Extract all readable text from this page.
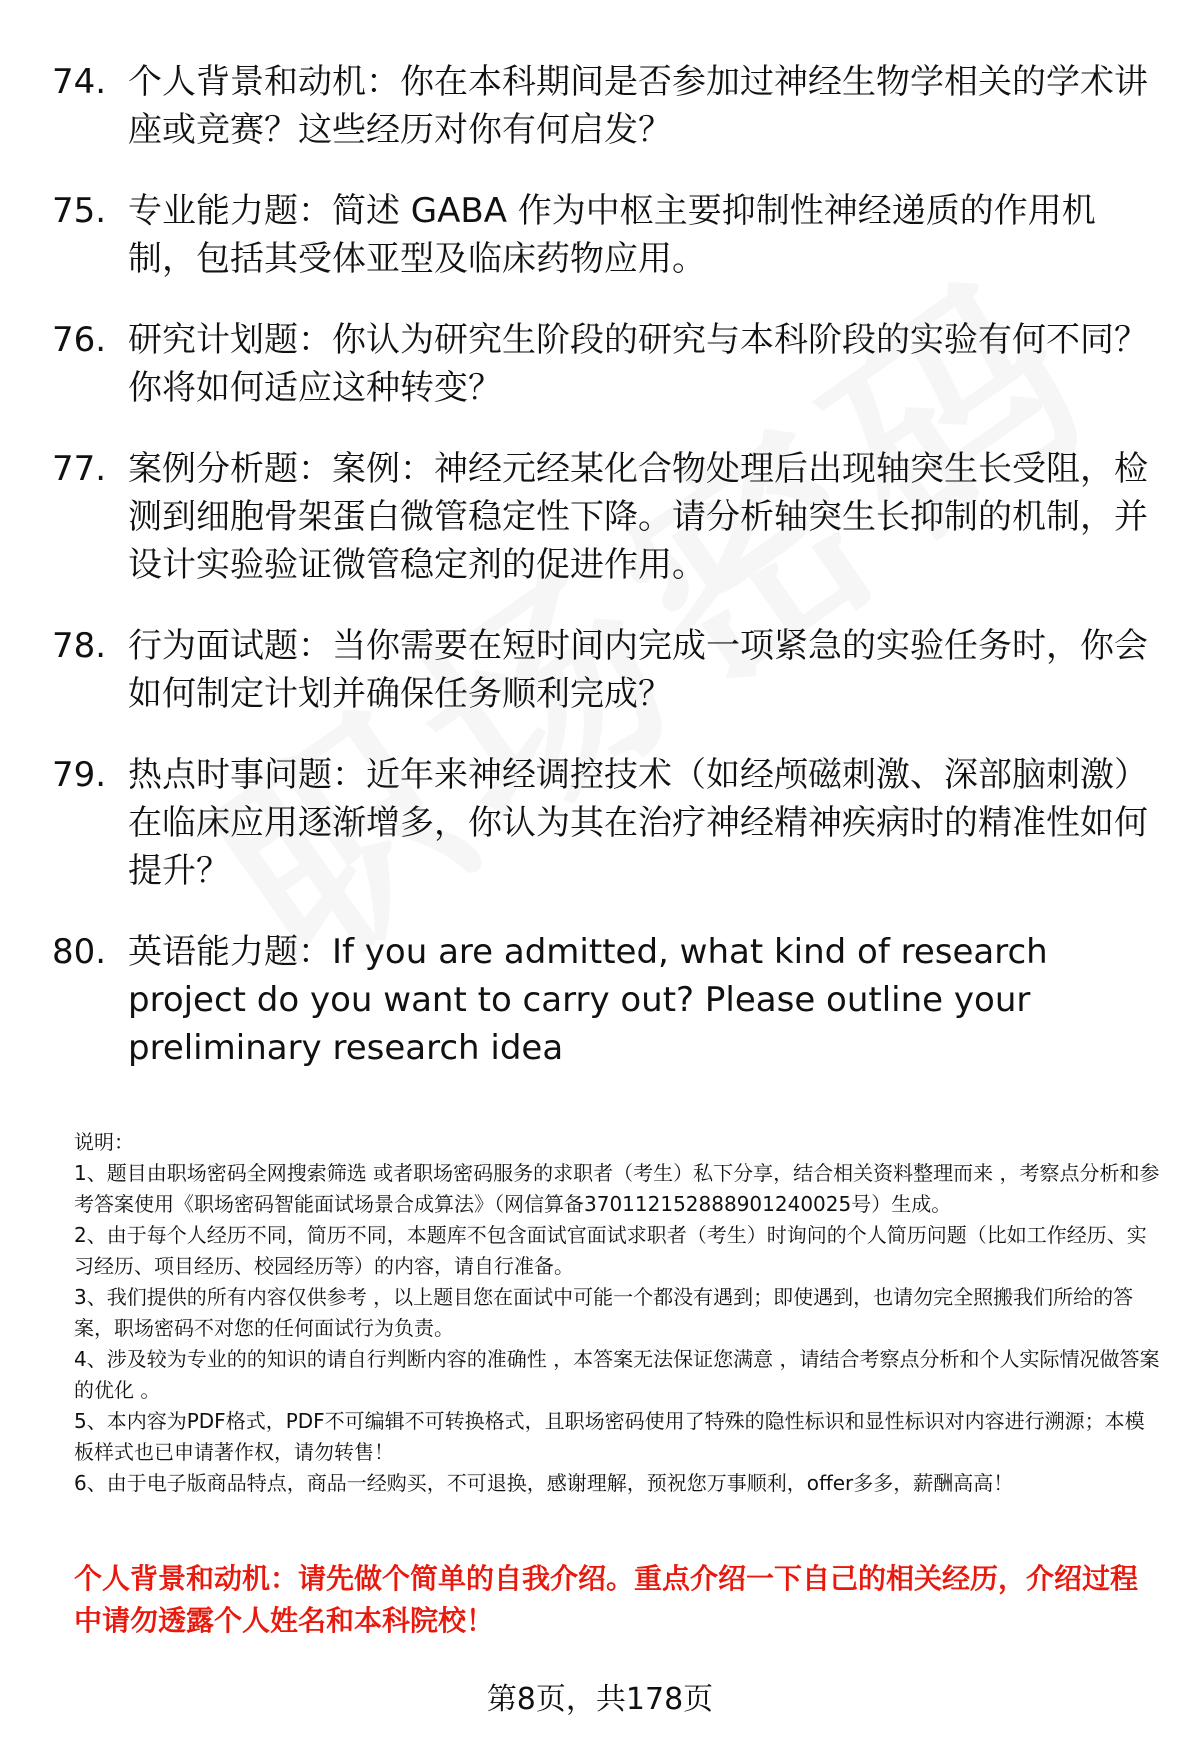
74. 个人背景和动机：你在本科期间是否参加过神经生物学相关的学术讲座或竞赛？这些经历对你有何启发？
75. 专业能力题：简述 GABA 作为中枢主要抑制性神经递质的作用机制，包括其受体亚型及临床药物应用。
76. 研究计划题：你认为研究生阶段的研究与本科阶段的实验有何不同？你将如何适应这种转变？
77. 案例分析题：案例：神经元经某化合物处理后出现轴突生长受阻，检测到细胞骨架蛋白微管稳定性下降。请分析轴突生长抑制的机制，并设计实验验证微管稳定剂的促进作用。
78. 行为面试题：当你需要在短时间内完成一项紧急的实验任务时，你会如何制定计划并确保任务顺利完成？
79. 热点时事问题：近年来神经调控技术（如经颅磁刺激、深部脑刺激）在临床应用逐渐增多，你认为其在治疗神经精神疾病时的精准性如何提升？
80. 英语能力题：If you are admitted, what kind of research project do you want to carry out? Please outline your preliminary research idea

说明：

1、题目由职场密码全网搜索筛选 或者职场密码服务的求职者（考生）私下分享，结合相关资料整理而来 ，考察点分析和参考答案使用《职场密码智能面试场景合成算法》（网信算备370112152888901240025号）生成。

2、由于每个人经历不同，简历不同，本题库不包含面试官面试求职者（考生）时询问的个人简历问题（比如工作经历、实习经历、项目经历、校园经历等）的内容，请自行准备。

3、我们提供的所有内容仅供参考 ，以上题目您在面试中可能一个都没有遇到；即使遇到，也请勿完全照搬我们所给的答案，职场密码不对您的任何面试行为负责。

4、涉及较为专业的的知识的请自行判断内容的准确性 ，本答案无法保证您满意 ，请结合考察点分析和个人实际情况做答案的优化 。

5、本内容为PDF格式，PDF不可编辑不可转换格式，且职场密码使用了特殊的隐性标识和显性标识对内容进行溯源；本模板样式也已申请著作权，请勿转售！

6、由于电子版商品特点，商品一经购买，不可退换，感谢理解，预祝您万事顺利，offer多多，薪酬高高！

个人背景和动机：请先做个简单的自我介绍。重点介绍一下自己的相关经历，介绍过程中请勿透露个人姓名和本科院校！
第8页，共178页
